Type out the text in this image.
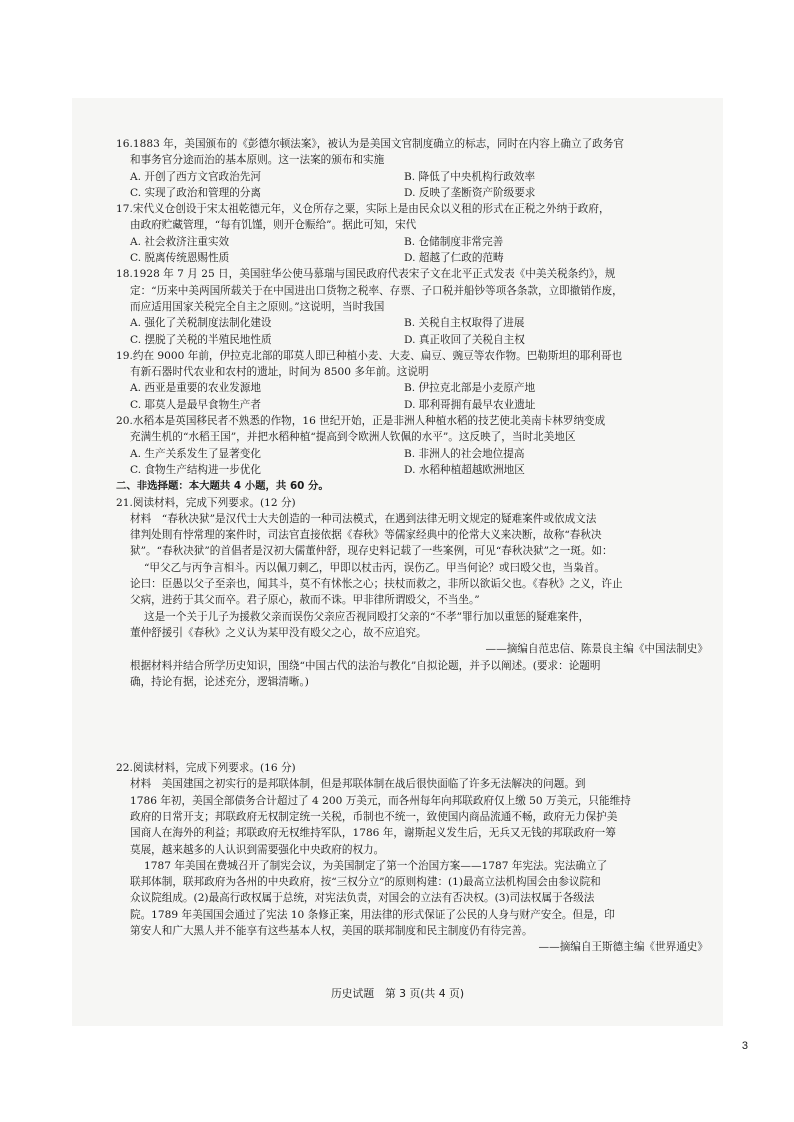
16.1883 年，美国颁布的《彭德尔顿法案》，被认为是美国文官制度确立的标志，同时在内容上确立了政务官

和事务官分途而治的基本原则。这一法案的颁布和实施

A. 开创了西方文官政治先河	B. 降低了中央机构行政效率
C. 实现了政治和管理的分离	D. 反映了垄断资产阶级要求

17.宋代义仓创设于宋太祖乾德元年，义仓所存之粟，实际上是由民众以义租的形式在正税之外纳于政府，

由政府贮藏管理，“每有饥馑，则开仓赈给”。据此可知，宋代

A. 社会救济注重实效	B. 仓储制度非常完善
C. 脱离传统恩赐性质	D. 超越了仁政的范畴

18.1928 年 7 月 25 日，美国驻华公使马慕瑞与国民政府代表宋子文在北平正式发表《中美关税条约》，规

定：“历来中美两国所载关于在中国进出口货物之税率、存票、子口税并船钞等项各条款，立即撤销作废，

而应适用国家关税完全自主之原则。”这说明，当时我国

A. 强化了关税制度法制化建设	B. 关税自主权取得了进展
C. 摆脱了关税的半殖民地性质	D. 真正收回了关税自主权

19.约在 9000 年前，伊拉克北部的耶莫人即已种植小麦、大麦、扁豆、豌豆等农作物。巴勒斯坦的耶利哥也

有新石器时代农业和农村的遗址，时间为 8500 多年前。这说明

A. 西亚是重要的农业发源地	B. 伊拉克北部是小麦原产地
C. 耶莫人是最早食物生产者	D. 耶利哥拥有最早农业遗址

20.水稻本是英国移民者不熟悉的作物，16 世纪开始，正是非洲人种植水稻的技艺使北美南卡林罗纳变成

充满生机的“水稻王国”，并把水稻种植“提高到令欧洲人钦佩的水平”。这反映了，当时北美地区

A. 生产关系发生了显著变化	B. 非洲人的社会地位提高
C. 食物生产结构进一步优化	D. 水稻种植超越欧洲地区

二、非选择题：本大题共 4 小题，共 60 分。

21.阅读材料，完成下列要求。(12 分)

材料　“春秋决狱”是汉代士大夫创造的一种司法模式，在遇到法律无明文规定的疑难案件或依成文法

律判处則有悖常理的案件时，司法官直接依据《春秋》等儒家经典中的伦常大义来决断，故称“春秋决

狱”。“春秋决狱”的首倡者是汉初大儒董仲舒，现存史料记载了一些案例，可见“春秋决狱”之一斑。如：

“甲父乙与丙争言相斗。丙以佩刀刺乙，甲即以杖击丙，误伤乙。甲当何论？或曰殴父也，当枭首。

论曰：臣愚以父子至亲也，闻其斗，莫不有怵怅之心；扶杖而救之，非所以欲诟父也。《春秋》之义，许止

父病，进药于其父而卒。君子原心，赦而不诛。甲非律所谓殴父，不当坐。”

这是一个关于儿子为援救父亲而误伤父亲应否视同殴打父亲的“不孝”罪行加以重惩的疑难案件，

董仲舒援引《春秋》之义认为某甲没有殴父之心，故不应追究。

——摘编自范忠信、陈景良主编《中国法制史》

根据材料并结合所学历史知识，围绕“中国古代的法治与教化”自拟论题，并予以阐述。(要求：论题明

确，持论有据，论述充分，逻辑清晰。)

22.阅读材料，完成下列要求。(16 分)

材料　美国建国之初实行的是邦联体制，但是邦联体制在战后很快面临了许多无法解决的问题。到

1786 年初，美国全部债务合计超过了 4 200 万美元，而各州每年向邦联政府仅上缴 50 万美元，只能维持

政府的日常开支；邦联政府无权制定统一关税，币制也不统一，致使国内商品流通不畅，政府无力保护美

国商人在海外的利益；邦联政府无权维持军队，1786 年，谢斯起义发生后，无兵又无钱的邦联政府一筹

莫展，越来越多的人认识到需要强化中央政府的权力。

1787 年美国在费城召开了制宪会议，为美国制定了第一个治国方案——1787 年宪法。宪法确立了

联邦体制，联邦政府为各州的中央政府，按“三权分立”的原则构建：(1)最高立法机构国会由参议院和

众议院组成。(2)最高行政权属于总统，对宪法负责，对国会的立法有否决权。(3)司法权属于各级法

院。1789 年美国国会通过了宪法 10 条修正案，用法律的形式保证了公民的人身与财产安全。但是，印

第安人和广大黑人并不能享有这些基本人权，美国的联邦制度和民主制度仍有待完善。

——摘编自王斯德主编《世界通史》

历史试题　第 3 页(共 4 页)
3
